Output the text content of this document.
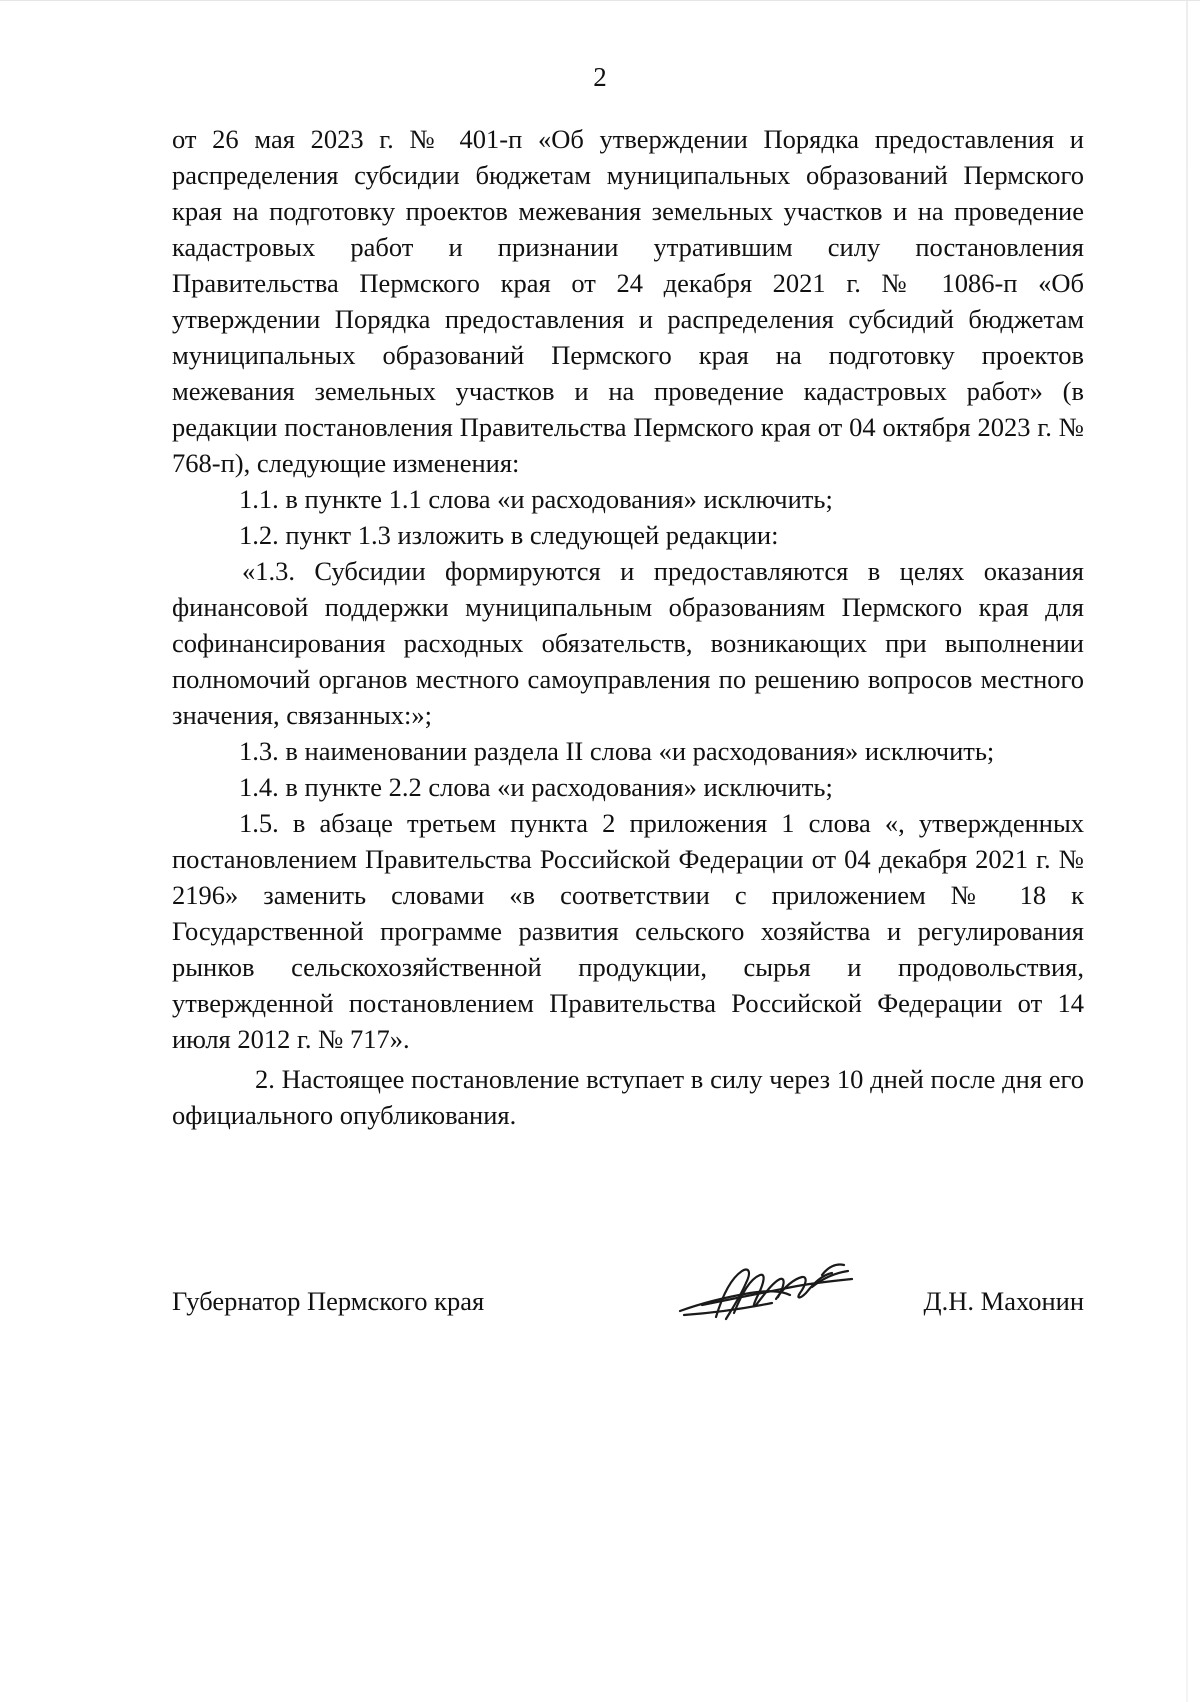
2

от 26 мая 2023 г. № 401-п «Об утверждении Порядка предоставления и распределения субсидии бюджетам муниципальных образований Пермского края на подготовку проектов межевания земельных участков и на проведение кадастровых работ и признании утратившим силу постановления Правительства Пермского края от 24 декабря 2021 г. № 1086-п «Об утверждении Порядка предоставления и распределения субсидий бюджетам муниципальных образований Пермского края на подготовку проектов межевания земельных участков и на проведение кадастровых работ» (в редакции постановления Правительства Пермского края от 04 октября 2023 г. № 768-п), следующие изменения:

1.1. в пункте 1.1 слова «и расходования» исключить;

1.2. пункт 1.3 изложить в следующей редакции:

«1.3. Субсидии формируются и предоставляются в целях оказания финансовой поддержки муниципальным образованиям Пермского края для софинансирования расходных обязательств, возникающих при выполнении полномочий органов местного самоуправления по решению вопросов местного значения, связанных:»;

1.3. в наименовании раздела II слова «и расходования» исключить;

1.4. в пункте 2.2 слова «и расходования» исключить;

1.5. в абзаце третьем пункта 2 приложения 1 слова «, утвержденных постановлением Правительства Российской Федерации от 04 декабря 2021 г. № 2196» заменить словами «в соответствии с приложением № 18 к Государственной программе развития сельского хозяйства и регулирования рынков сельскохозяйственной продукции, сырья и продовольствия, утвержденной постановлением Правительства Российской Федерации от 14 июля 2012 г. № 717».

2. Настоящее постановление вступает в силу через 10 дней после дня его официального опубликования.

Губернатор Пермского края	Д.Н. Махонин
